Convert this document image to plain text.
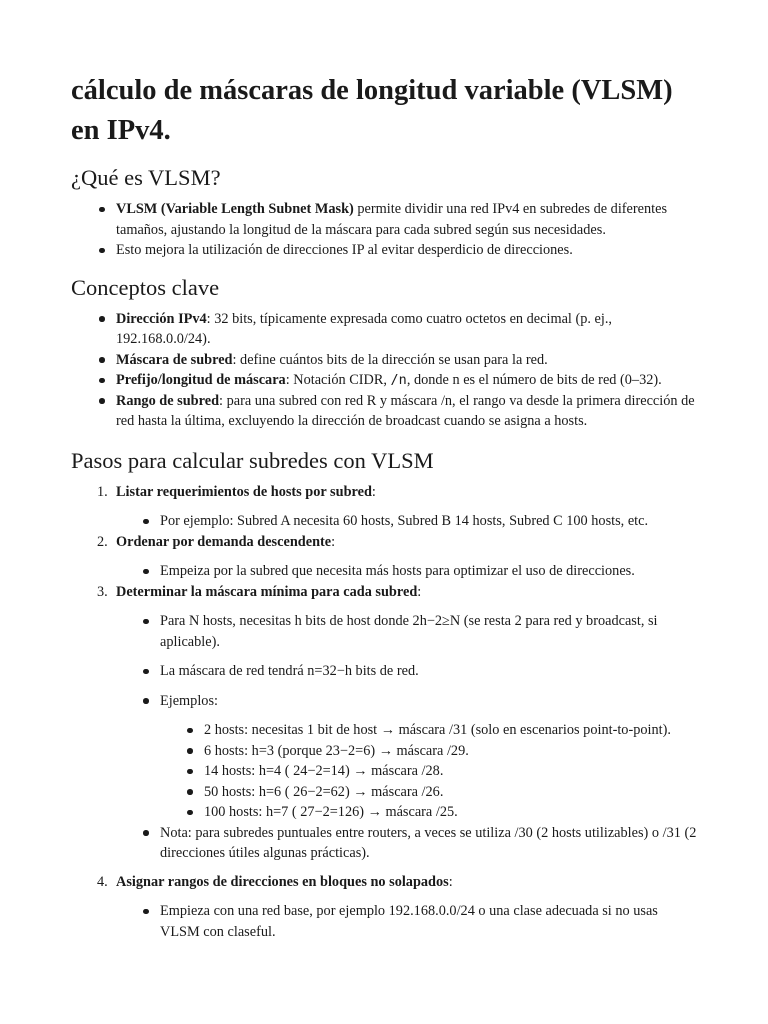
cálculo de máscaras de longitud variable (VLSM) en IPv4.
¿Qué es VLSM?
VLSM (Variable Length Subnet Mask) permite dividir una red IPv4 en subredes de diferentes tamaños, ajustando la longitud de la máscara para cada subred según sus necesidades.
Esto mejora la utilización de direcciones IP al evitar desperdicio de direcciones.
Conceptos clave
Dirección IPv4: 32 bits, típicamente expresada como cuatro octetos en decimal (p. ej., 192.168.0.0/24).
Máscara de subred: define cuántos bits de la dirección se usan para la red.
Prefijo/longitud de máscara: Notación CIDR, /n, donde n es el número de bits de red (0–32).
Rango de subred: para una subred con red R y máscara /n, el rango va desde la primera dirección de red hasta la última, excluyendo la dirección de broadcast cuando se asigna a hosts.
Pasos para calcular subredes con VLSM
1. Listar requerimientos de hosts por subred:
Por ejemplo: Subred A necesita 60 hosts, Subred B 14 hosts, Subred C 100 hosts, etc.
2. Ordenar por demanda descendente:
Empeiza por la subred que necesita más hosts para optimizar el uso de direcciones.
3. Determinar la máscara mínima para cada subred:
Para N hosts, necesitas h bits de host donde 2h−2≥N (se resta 2 para red y broadcast, si aplicable).
La máscara de red tendrá n=32−h bits de red.
Ejemplos:
2 hosts: necesitas 1 bit de host → máscara /31 (solo en escenarios point-to-point).
6 hosts: h=3 (porque 23−2=6) → máscara /29.
14 hosts: h=4 ( 24−2=14) → máscara /28.
50 hosts: h=6 ( 26−2=62) → máscara /26.
100 hosts: h=7 ( 27−2=126) → máscara /25.
Nota: para subredes puntuales entre routers, a veces se utiliza /30 (2 hosts utilizables) o /31 (2 direcciones útiles algunas prácticas).
4. Asignar rangos de direcciones en bloques no solapados:
Empieza con una red base, por ejemplo 192.168.0.0/24 o una clase adecuada si no usas VLSM con claseful.
